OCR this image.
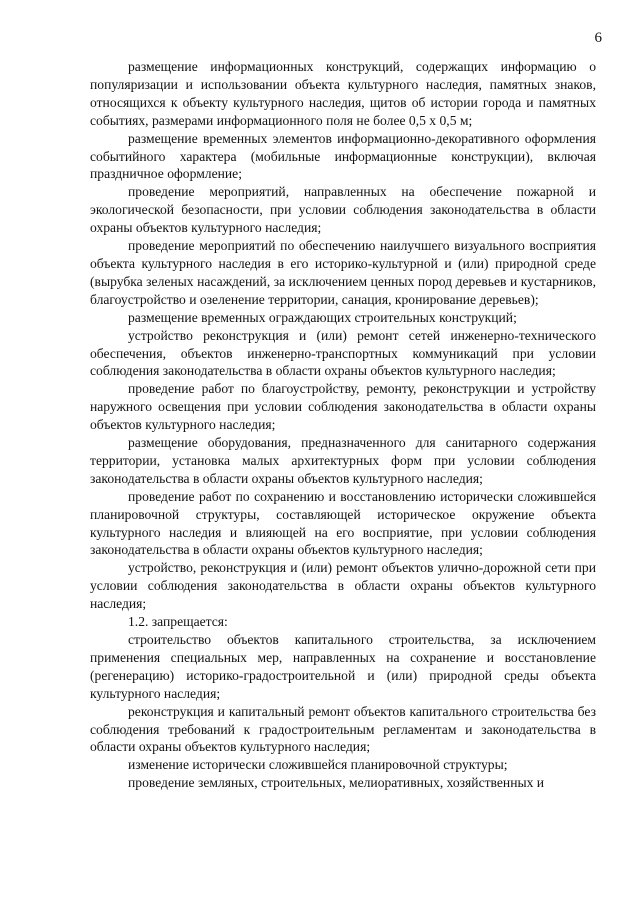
6

размещение информационных конструкций, содержащих информацию о популяризации и использовании объекта культурного наследия, памятных знаков, относящихся к объекту культурного наследия, щитов об истории города и памятных событиях, размерами информационного поля не более 0,5 х 0,5 м;

размещение временных элементов информационно-декоративного оформления событийного характера (мобильные информационные конструкции), включая праздничное оформление;

проведение мероприятий, направленных на обеспечение пожарной и экологической безопасности, при условии соблюдения законодательства в области охраны объектов культурного наследия;

проведение мероприятий по обеспечению наилучшего визуального восприятия объекта культурного наследия в его историко-культурной и (или) природной среде (вырубка зеленых насаждений, за исключением ценных пород деревьев и кустарников, благоустройство и озеленение территории, санация, кронирование деревьев);

размещение временных ограждающих строительных конструкций;

устройство реконструкция и (или) ремонт сетей инженерно-технического обеспечения, объектов инженерно-транспортных коммуникаций при условии соблюдения законодательства в области охраны объектов культурного наследия;

проведение работ по благоустройству, ремонту, реконструкции и устройству наружного освещения при условии соблюдения законодательства в области охраны объектов культурного наследия;

размещение оборудования, предназначенного для санитарного содержания территории, установка малых архитектурных форм при условии соблюдения законодательства в области охраны объектов культурного наследия;

проведение работ по сохранению и восстановлению исторически сложившейся планировочной структуры, составляющей историческое окружение объекта культурного наследия и влияющей на его восприятие, при условии соблюдения законодательства в области охраны объектов культурного наследия;

устройство, реконструкция и (или) ремонт объектов улично-дорожной сети при условии соблюдения законодательства в области охраны объектов культурного наследия;

1.2. запрещается:

строительство объектов капитального строительства, за исключением применения специальных мер, направленных на сохранение и восстановление (регенерацию) историко-градостроительной и (или) природной среды объекта культурного наследия;

реконструкция и капитальный ремонт объектов капитального строительства без соблюдения требований к градостроительным регламентам и законодательства в области охраны объектов культурного наследия;

изменение исторически сложившейся планировочной структуры;

проведение земляных, строительных, мелиоративных, хозяйственных и
